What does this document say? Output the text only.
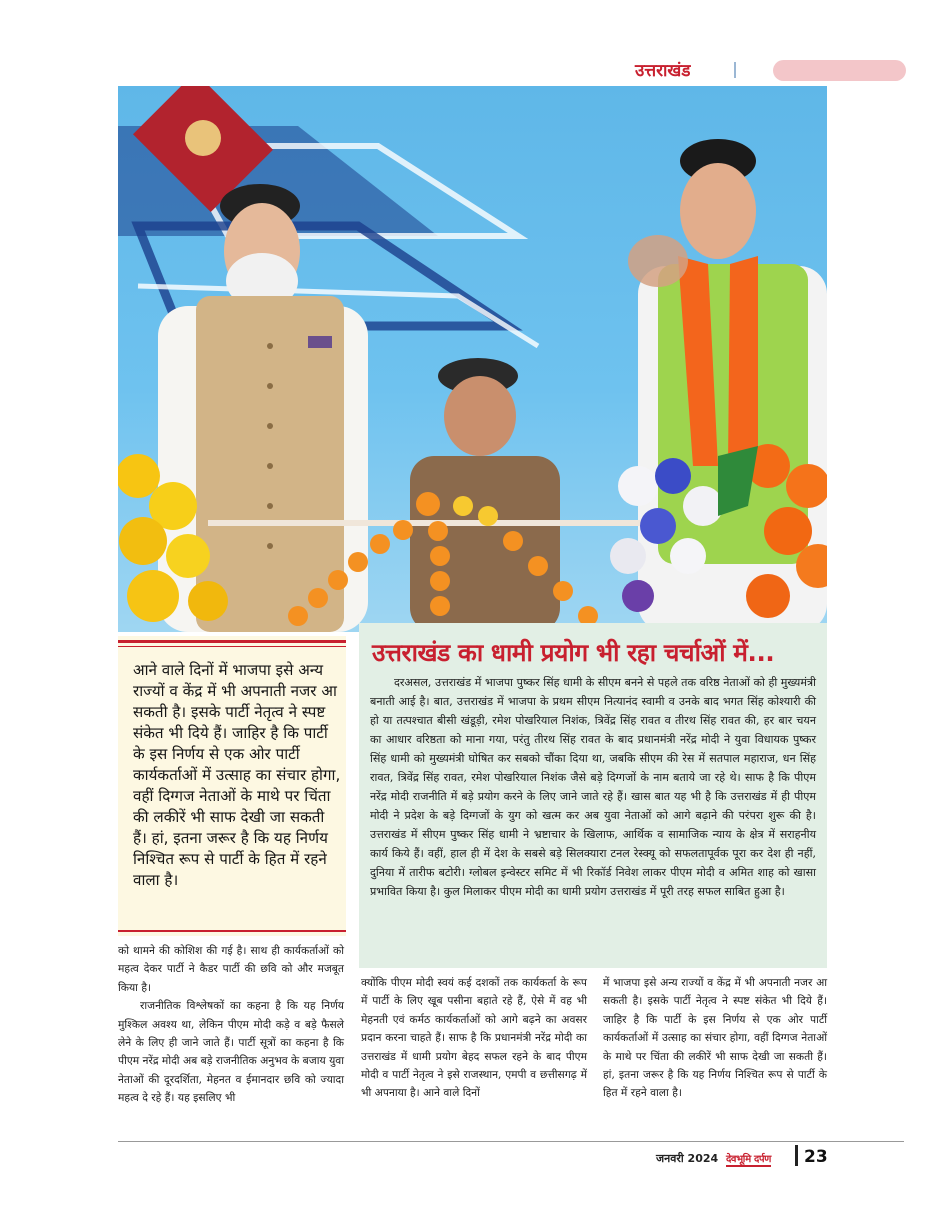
उत्तराखंड

आने वाले दिनों में भाजपा इसे अन्य राज्यों व केंद्र में भी अपनाती नजर आ सकती है। इसके पार्टी नेतृत्व ने स्पष्ट संकेत भी दिये हैं। जाहिर है कि पार्टी के इस निर्णय से एक ओर पार्टी कार्यकर्ताओं में उत्साह का संचार होगा, वहीं दिग्गज नेताओं के माथे पर चिंता की लकीरें भी साफ देखी जा सकती हैं। हां, इतना जरूर है कि यह निर्णय निश्चित रूप से पार्टी के हित में रहने वाला है।

उत्तराखंड का धामी प्रयोग भी रहा चर्चाओं में...

दरअसल, उत्तराखंड में भाजपा पुष्कर सिंह धामी के सीएम बनने से पहले तक वरिष्ठ नेताओं को ही मुख्यमंत्री बनाती आई है। बात, उत्तराखंड में भाजपा के प्रथम सीएम नित्यानंद स्वामी व उनके बाद भगत सिंह कोश्यारी की हो या तत्पश्चात बीसी खंडूड़ी, रमेश पोखरियाल निशंक, त्रिवेंद्र सिंह रावत व तीरथ सिंह रावत की, हर बार चयन का आधार वरिष्ठता को माना गया, परंतु तीरथ सिंह रावत के बाद प्रधानमंत्री नरेंद्र मोदी ने युवा विधायक पुष्कर सिंह धामी को मुख्यमंत्री घोषित कर सबको चौंका दिया था, जबकि सीएम की रेस में सतपाल महाराज, धन सिंह रावत, त्रिवेंद्र सिंह रावत, रमेश पोखरियाल निशंक जैसे बड़े दिग्गजों के नाम बताये जा रहे थे। साफ है कि पीएम नरेंद्र मोदी राजनीति में बड़े प्रयोग करने के लिए जाने जाते रहे हैं। खास बात यह भी है कि उत्तराखंड में ही पीएम मोदी ने प्रदेश के बड़े दिग्गजों के युग को खत्म कर अब युवा नेताओं को आगे बढ़ाने की परंपरा शुरू की है। उत्तराखंड में सीएम पुष्कर सिंह धामी ने भ्रष्टाचार के खिलाफ, आर्थिक व सामाजिक न्याय के क्षेत्र में सराहनीय कार्य किये हैं। वहीं, हाल ही में देश के सबसे बड़े सिलक्यारा टनल रेस्क्यू को सफलतापूर्वक पूरा कर देश ही नहीं, दुनिया में तारीफ बटोरी। ग्लोबल इन्वेस्टर समिट में भी रिकॉर्ड निवेश लाकर पीएम मोदी व अमित शाह को खासा प्रभावित किया है। कुल मिलाकर पीएम मोदी का धामी प्रयोग उत्तराखंड में पूरी तरह सफल साबित हुआ है।

को थामने की कोशिश की गई है। साथ ही कार्यकर्ताओं को महत्व देकर पार्टी ने कैडर पार्टी की छवि को और मजबूत किया है।

राजनीतिक विश्लेषकों का कहना है कि यह निर्णय मुश्किल अवश्य था, लेकिन पीएम मोदी कड़े व बड़े फैसले लेने के लिए ही जाने जाते हैं। पार्टी सूत्रों का कहना है कि पीएम नरेंद्र मोदी अब बड़े राजनीतिक अनुभव के बजाय युवा नेताओं की दूरदर्शिता, मेहनत व ईमानदार छवि को ज्यादा महत्व दे रहे हैं। यह इसलिए भी

क्योंकि पीएम मोदी स्वयं कई दशकों तक कार्यकर्ता के रूप में पार्टी के लिए खूब पसीना बहाते रहे हैं, ऐसे में वह भी मेहनती एवं कर्मठ कार्यकर्ताओं को आगे बढ़ने का अवसर प्रदान करना चाहते हैं। साफ है कि प्रधानमंत्री नरेंद्र मोदी का उत्तराखंड में धामी प्रयोग बेहद सफल रहने के बाद पीएम मोदी व पार्टी नेतृत्व ने इसे राजस्थान, एमपी व छत्तीसगढ़ में भी अपनाया है। आने वाले दिनों

में भाजपा इसे अन्य राज्यों व केंद्र में भी अपनाती नजर आ सकती है। इसके पार्टी नेतृत्व ने स्पष्ट संकेत भी दिये हैं। जाहिर है कि पार्टी के इस निर्णय से एक ओर पार्टी कार्यकर्ताओं में उत्साह का संचार होगा, वहीं दिग्गज नेताओं के माथे पर चिंता की लकीरें भी साफ देखी जा सकती हैं। हां, इतना जरूर है कि यह निर्णय निश्चित रूप से पार्टी के हित में रहने वाला है।

जनवरी 2024 देवभूमि दर्पण 23
